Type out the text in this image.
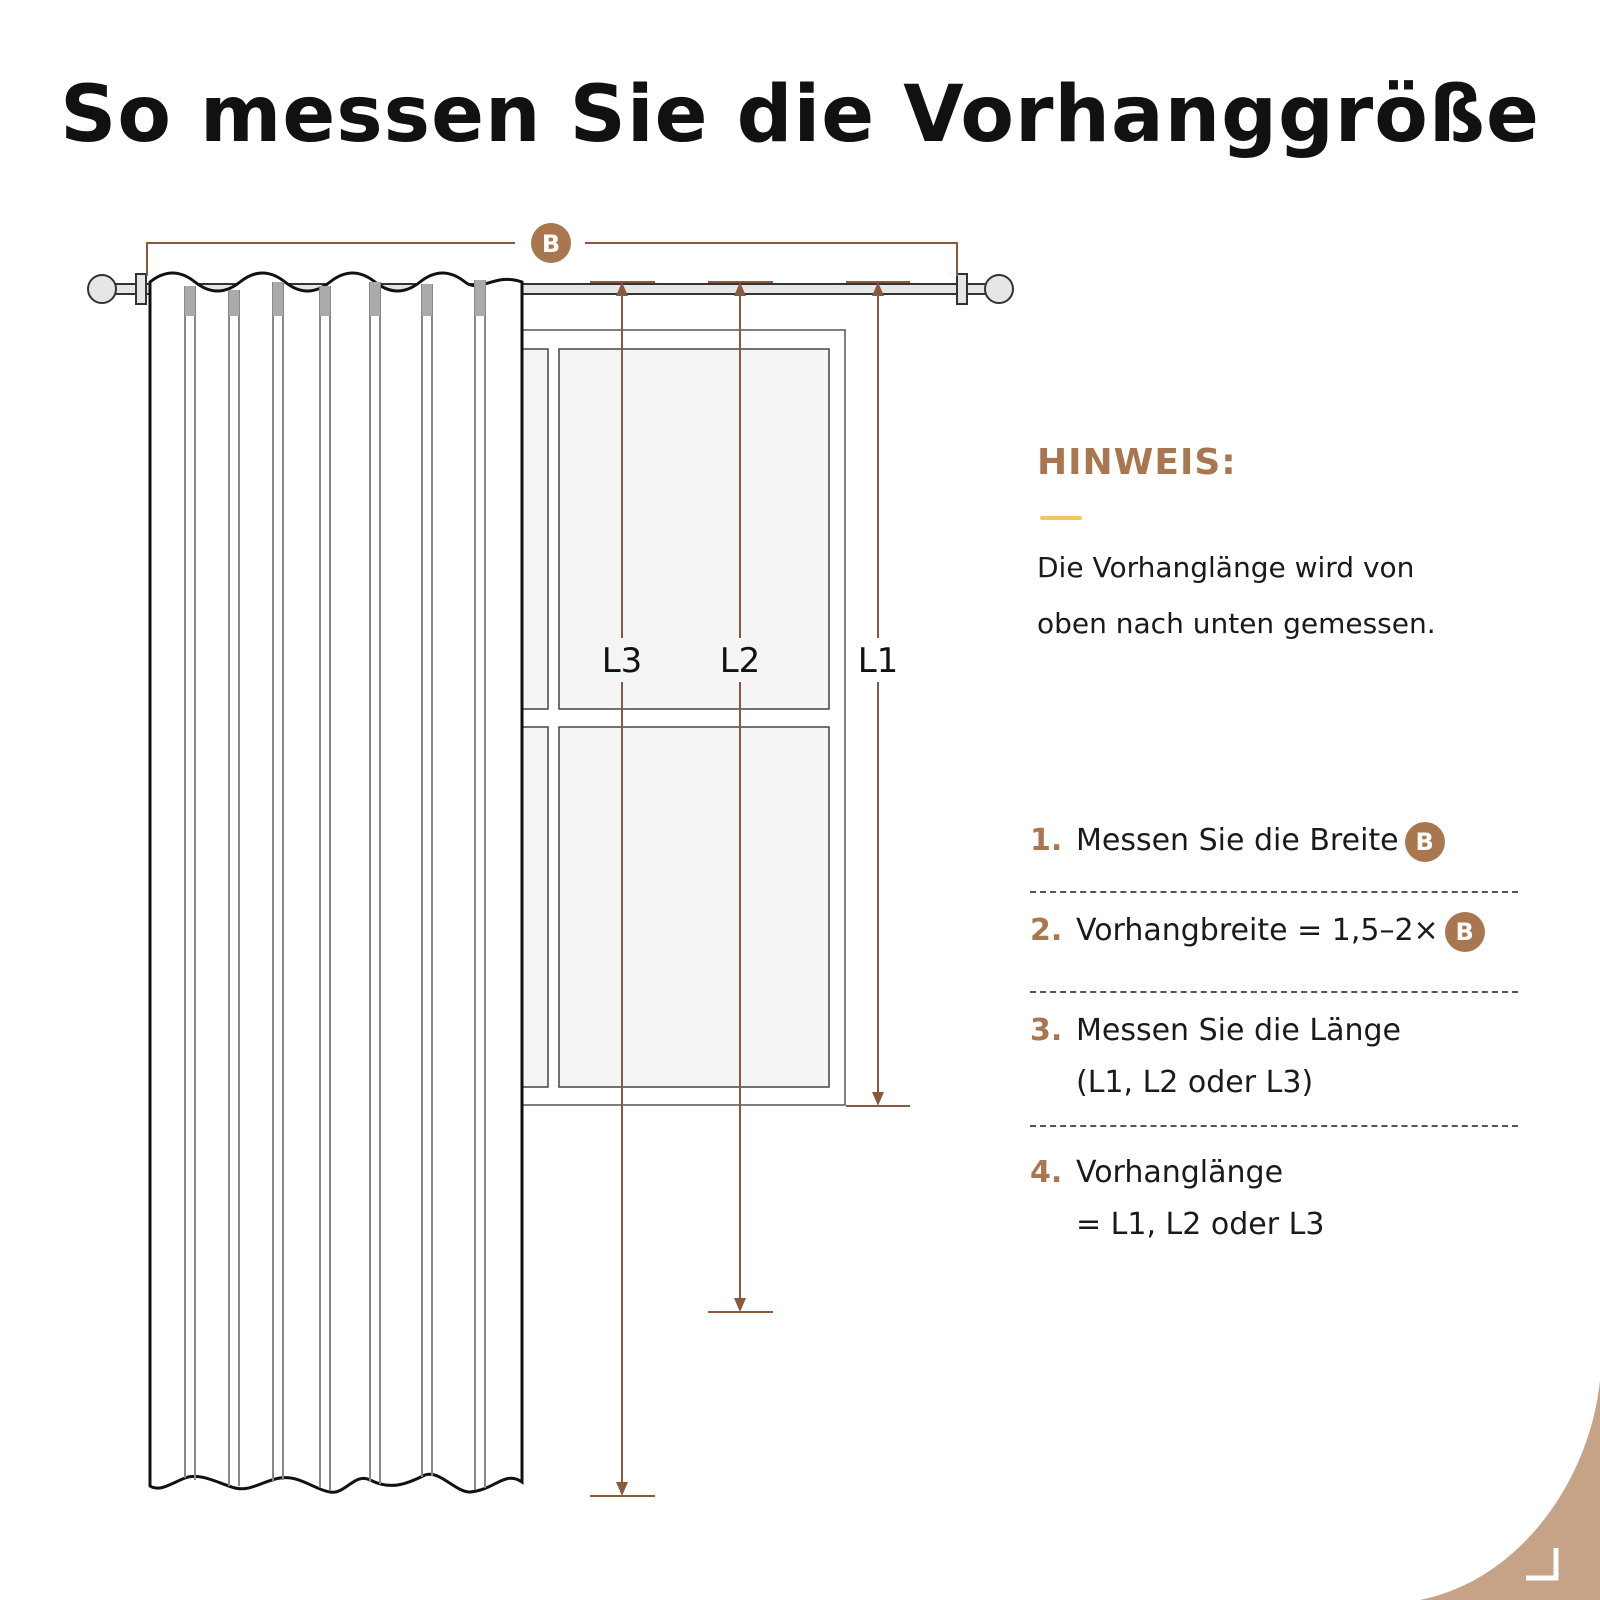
So messen Sie die Vorhanggröße
B
L1
L2
L3
HINWEIS:
Die Vorhanglänge wird von
oben nach unten gemessen.
1. Messen Sie die Breite B
2. Vorhangbreite = 1,5–2× B
3. Messen Sie die Länge
(L1, L2 oder L3)
4. Vorhanglänge
= L1, L2 oder L3
